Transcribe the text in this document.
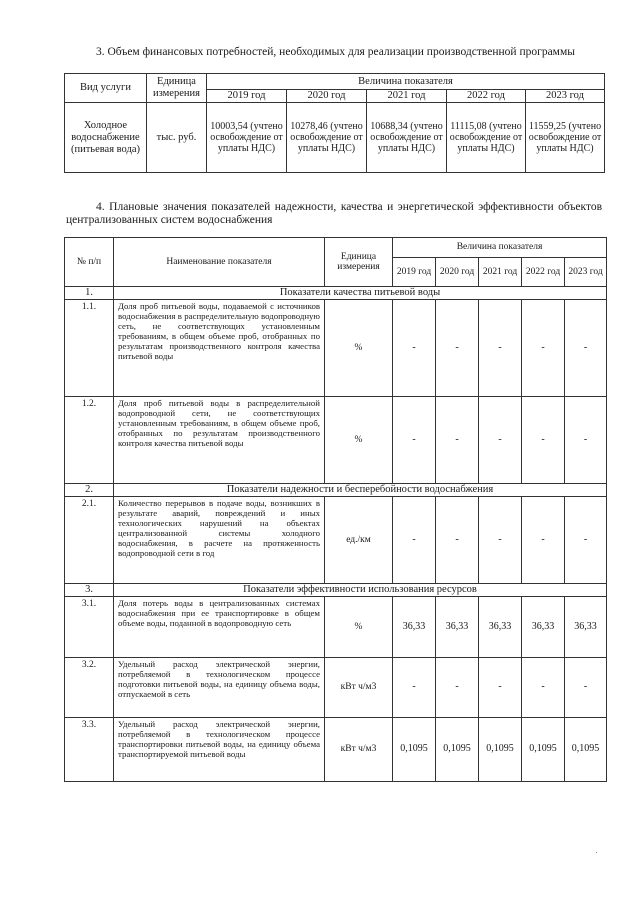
3. Объем финансовых потребностей, необходимых для реализации производственной программы

Вид услуги	Единица измерения	Величина показателя				
		2019 год	2020 год	2021 год	2022 год	2023 год
Холодное водоснабжение (питьевая вода)	тыс. руб.	10003,54 (учтено освобождение от уплаты НДС)	10278,46 (учтено освобождение от уплаты НДС)	10688,34 (учтено освобождение от уплаты НДС)	11115,08 (учтено освобождение от уплаты НДС)	11559,25 (учтено освобождение от уплаты НДС)

4. Плановые значения показателей надежности, качества и энергетической эффективности объектов централизованных систем водоснабжения

№ п/п	Наименование показателя	Единица измерения	Величина показателя				
			2019 год	2020 год	2021 год	2022 год	2023 год
1.	Показатели качества питьевой воды						
1.1.	Доля проб питьевой воды, подаваемой с источников водоснабжения в распределительную водопроводную сеть, не соответствующих установленным требованиям, в общем объеме проб, отобранных по результатам производственного контроля качества питьевой воды	%	-	-	-	-	-
1.2.	Доля проб питьевой воды в распределительной водопроводной сети, не соответствующих установленным требованиям, в общем объеме проб, отобранных по результатам производственного контроля качества питьевой воды	%	-	-	-	-	-
2.	Показатели надежности и бесперебойности водоснабжения						
2.1.	Количество перерывов в подаче воды, возникших в результате аварий, повреждений и иных технологических нарушений на объектах централизованной системы холодного водоснабжения, в расчете на протяженность водопроводной сети в год	ед./км	-	-	-	-	-
3.	Показатели эффективности использования ресурсов						
3.1.	Доля потерь воды в централизованных системах водоснабжения при ее транспортировке в общем объеме воды, поданной в водопроводную сеть	%	36,33	36,33	36,33	36,33	36,33
3.2.	Удельный расход электрической энергии, потребляемой в технологическом процессе подготовки питьевой воды, на единицу объема воды, отпускаемой в сеть	кВт ч/м3	-	-	-	-	-
3.3.	Удельный расход электрической энергии, потребляемой в технологическом процессе транспортировки питьевой воды, на единицу объема транспортируемой питьевой воды	кВт ч/м3	0,1095	0,1095	0,1095	0,1095	0,1095
